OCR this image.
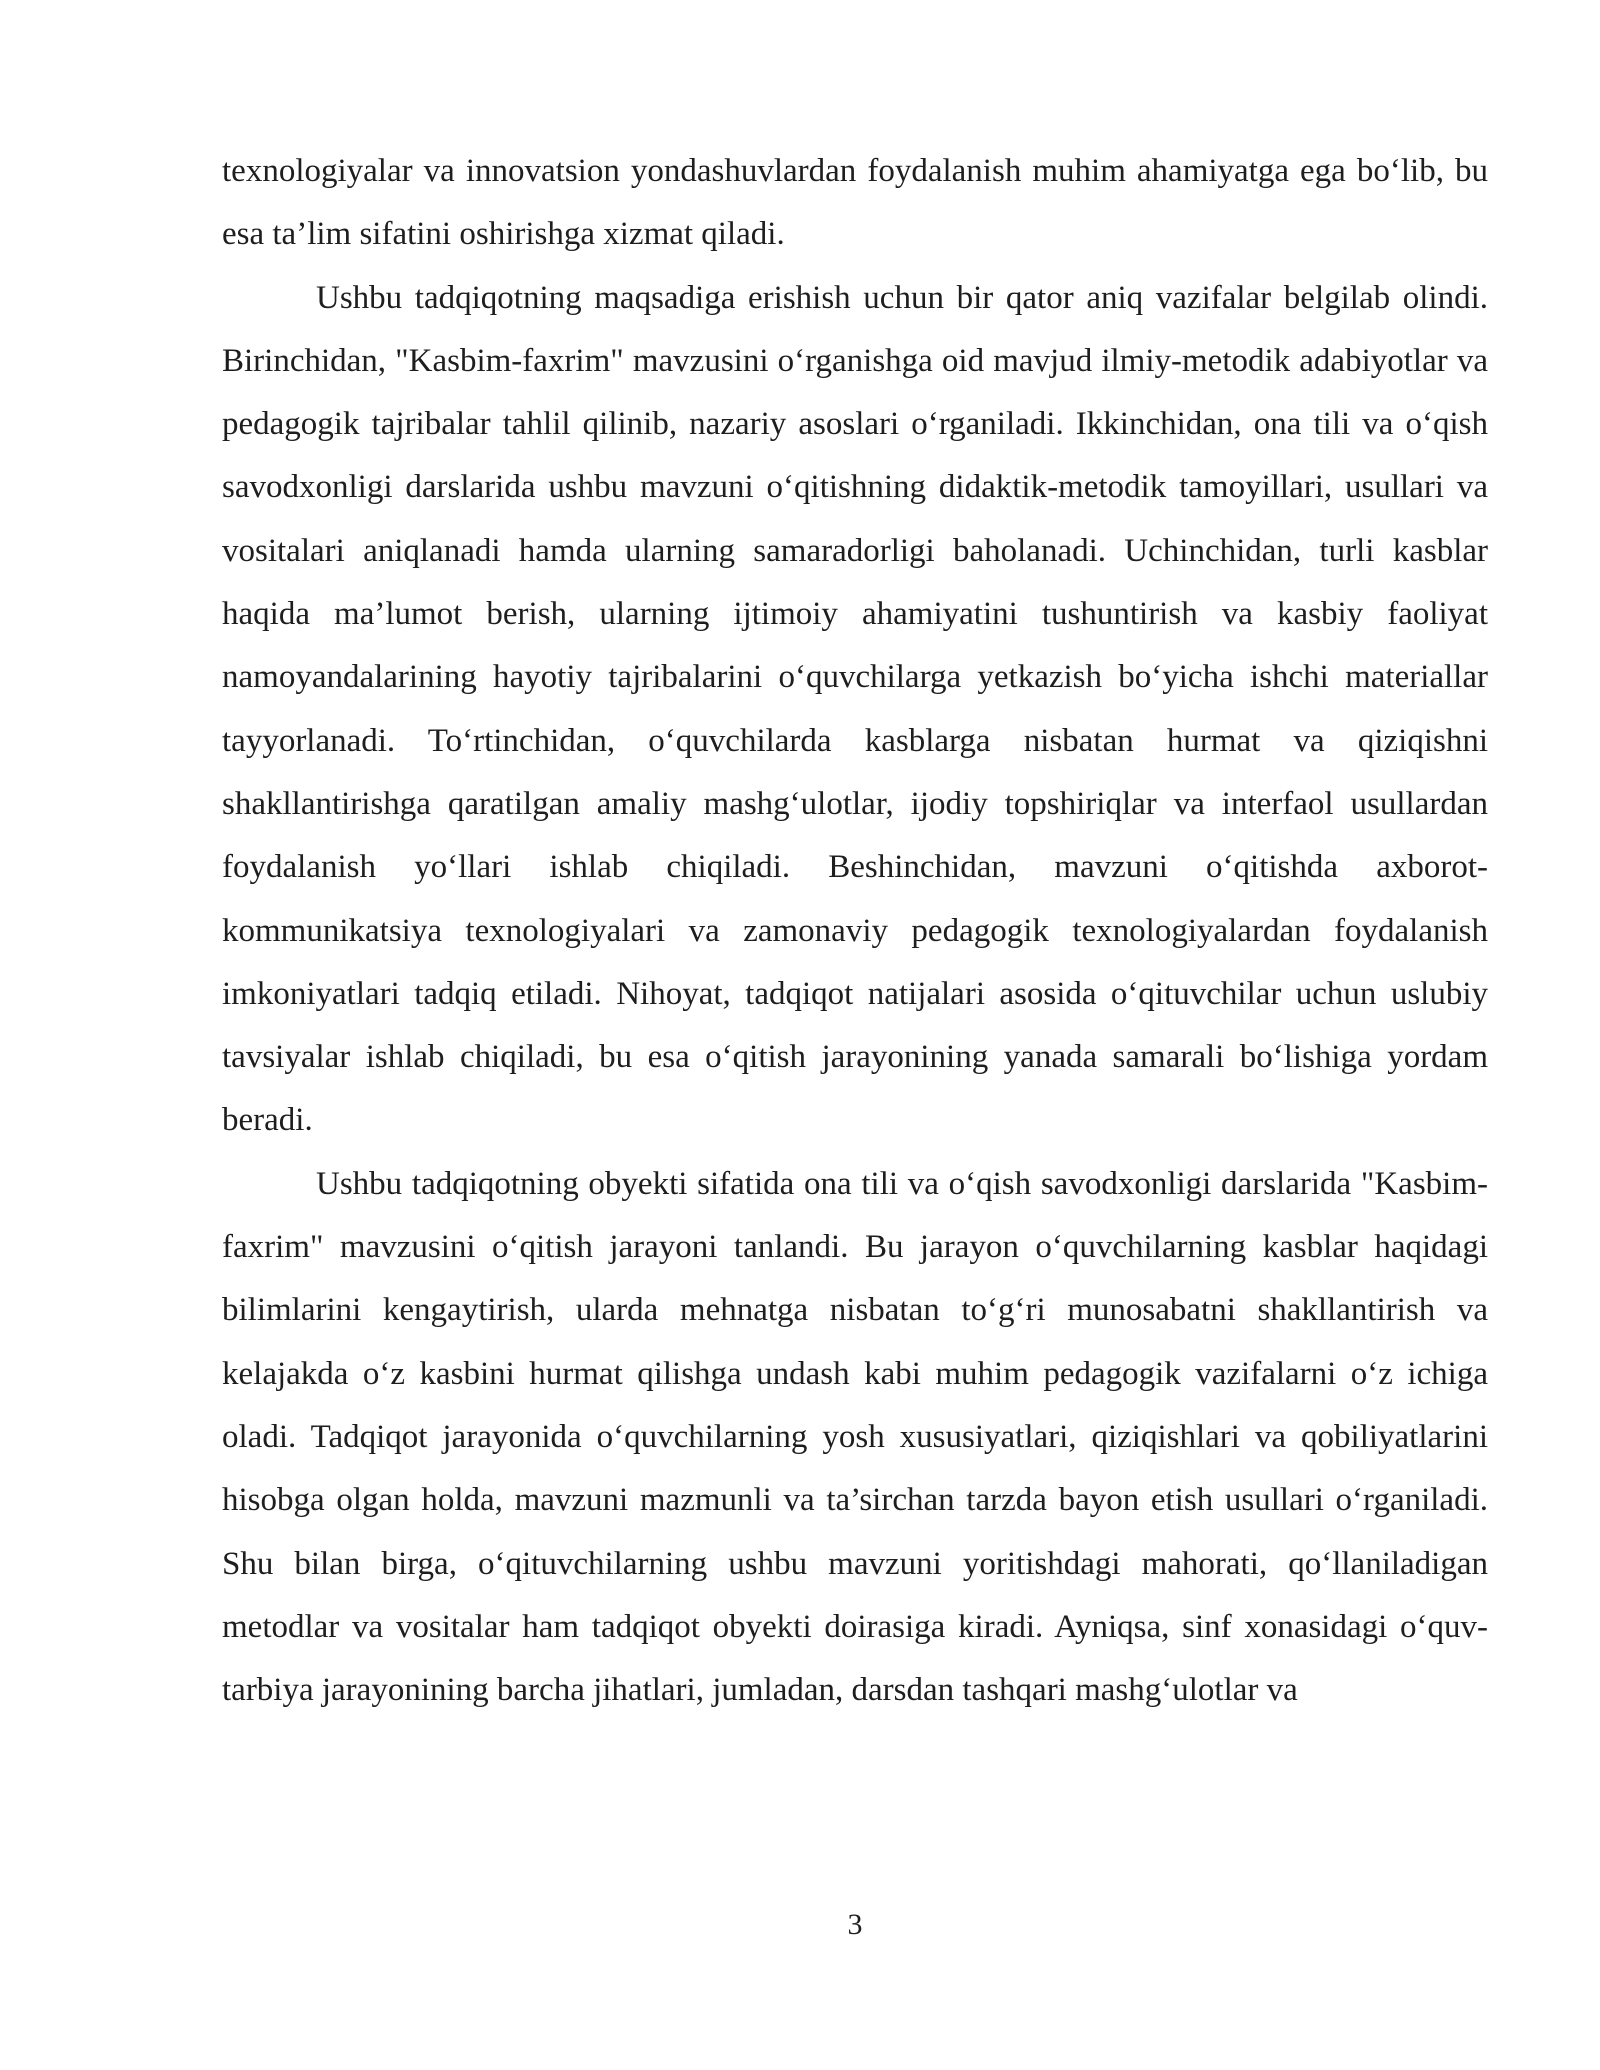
texnologiyalar va innovatsion yondashuvlardan foydalanish muhim ahamiyatga ega bo‘lib, bu esa ta’lim sifatini oshirishga xizmat qiladi.

Ushbu tadqiqotning maqsadiga erishish uchun bir qator aniq vazifalar belgilab olindi. Birinchidan, "Kasbim-faxrim" mavzusini o‘rganishga oid mavjud ilmiy-metodik adabiyotlar va pedagogik tajribalar tahlil qilinib, nazariy asoslari o‘rganiladi. Ikkinchidan, ona tili va o‘qish savodxonligi darslarida ushbu mavzuni o‘qitishning didaktik-metodik tamoyillari, usullari va vositalari aniqlanadi hamda ularning samaradorligi baholanadi. Uchinchidan, turli kasblar haqida ma’lumot berish, ularning ijtimoiy ahamiyatini tushuntirish va kasbiy faoliyat namoyandalarining hayotiy tajribalarini o‘quvchilarga yetkazish bo‘yicha ishchi materiallar tayyorlanadi. To‘rtinchidan, o‘quvchilarda kasblarga nisbatan hurmat va qiziqishni shakllantirishga qaratilgan amaliy mashg‘ulotlar, ijodiy topshiriqlar va interfaol usullardan foydalanish yo‘llari ishlab chiqiladi. Beshinchidan, mavzuni o‘qitishda axborot-kommunikatsiya texnologiyalari va zamonaviy pedagogik texnologiyalardan foydalanish imkoniyatlari tadqiq etiladi. Nihoyat, tadqiqot natijalari asosida o‘qituvchilar uchun uslubiy tavsiyalar ishlab chiqiladi, bu esa o‘qitish jarayonining yanada samarali bo‘lishiga yordam beradi.

Ushbu tadqiqotning obyekti sifatida ona tili va o‘qish savodxonligi darslarida "Kasbim-faxrim" mavzusini o‘qitish jarayoni tanlandi. Bu jarayon o‘quvchilarning kasblar haqidagi bilimlarini kengaytirish, ularda mehnatga nisbatan to‘g‘ri munosabatni shakllantirish va kelajakda o‘z kasbini hurmat qilishga undash kabi muhim pedagogik vazifalarni o‘z ichiga oladi. Tadqiqot jarayonida o‘quvchilarning yosh xususiyatlari, qiziqishlari va qobiliyatlarini hisobga olgan holda, mavzuni mazmunli va ta’sirchan tarzda bayon etish usullari o‘rganiladi. Shu bilan birga, o‘qituvchilarning ushbu mavzuni yoritishdagi mahorati, qo‘llaniladigan metodlar va vositalar ham tadqiqot obyekti doirasiga kiradi. Ayniqsa, sinf xonasidagi o‘quv-tarbiya jarayonining barcha jihatlari, jumladan, darsdan tashqari mashg‘ulotlar va

3
